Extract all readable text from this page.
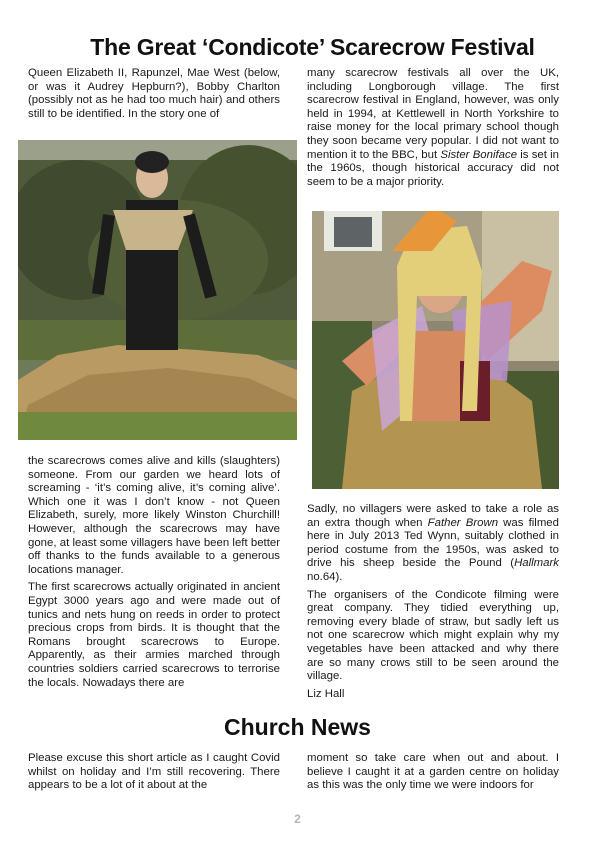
The Great ‘Condicote’ Scarecrow Festival

Queen Elizabeth II, Rapunzel, Mae West (below, or was it Audrey Hepburn?), Bobby Charlton (possibly not as he had too much hair) and others still to be identified. In the story one of

the scarecrows comes alive and kills (slaughters) someone. From our garden we heard lots of screaming - ‘it’s coming alive, it’s coming alive’. Which one it was I don’t know - not Queen Elizabeth, surely, more likely Winston Churchill! However, although the scarecrows may have gone, at least some villagers have been left better off thanks to the funds available to a generous locations manager.

The first scarecrows actually originated in ancient Egypt 3000 years ago and were made out of tunics and nets hung on reeds in order to protect precious crops from birds. It is thought that the Romans brought scarecrows to Europe. Apparently, as their armies marched through countries soldiers carried scarecrows to terrorise the locals. Nowadays there are

many scarecrow festivals all over the UK, including Longborough village. The first scarecrow festival in England, however, was only held in 1994, at Kettlewell in North Yorkshire to raise money for the local primary school though they soon became very popular. I did not want to mention it to the BBC, but Sister Boniface is set in the 1960s, though historical accuracy did not seem to be a major priority.

Sadly, no villagers were asked to take a role as an extra though when Father Brown was filmed here in July 2013 Ted Wynn, suitably clothed in period costume from the 1950s, was asked to drive his sheep beside the Pound (Hallmark no.64).

The organisers of the Condicote filming were great company. They tidied everything up, removing every blade of straw, but sadly left us not one scarecrow which might explain why my vegetables have been attacked and why there are so many crows still to be seen around the village.

Liz Hall

Church News

Please excuse this short article as I caught Covid whilst on holiday and I’m still recovering. There appears to be a lot of it about at the

moment so take care when out and about. I believe I caught it at a garden centre on holiday as this was the only time we were indoors for

2
